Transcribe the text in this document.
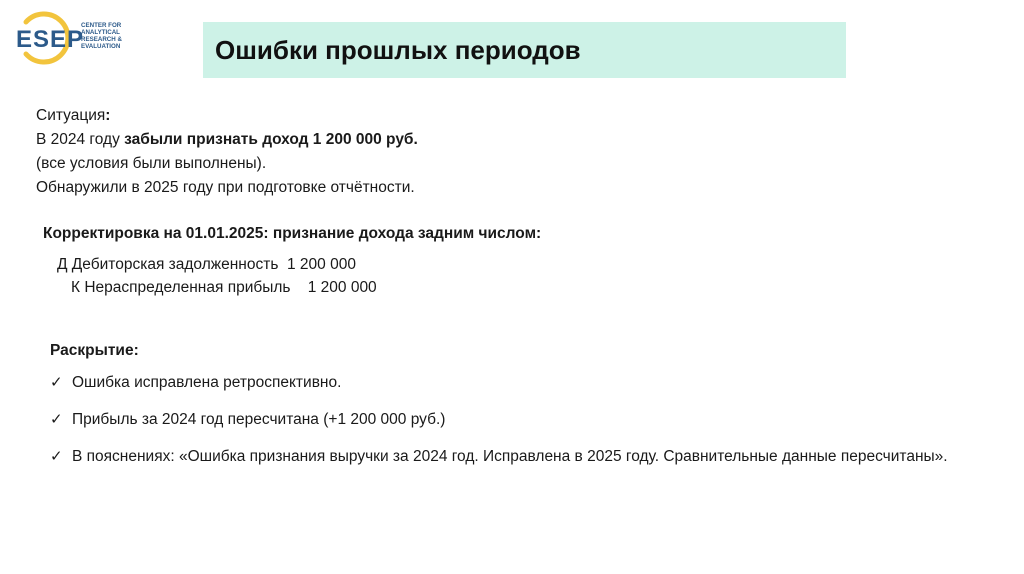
ESEP
CENTER FOR
ANALYTICAL
RESEARCH &
EVALUATION	Ошибки прошлых периодов
Ситуация:
В 2024 году забыли признать доход 1 200 000 руб.
(все условия были выполнены).
Обнаружили в 2025 году при подготовке отчётности.
Корректировка на 01.01.2025: признание дохода задним числом:
Д Дебиторская задолженность  1 200 000
К Нераспределенная прибыль    1 200 000
Раскрытие:
✓ Ошибка исправлена ретроспективно.
✓ Прибыль за 2024 год пересчитана (+1 200 000 руб.)
✓ В пояснениях: «Ошибка признания выручки за 2024 год. Исправлена в 2025 году. Сравнительные данные пересчитаны».
